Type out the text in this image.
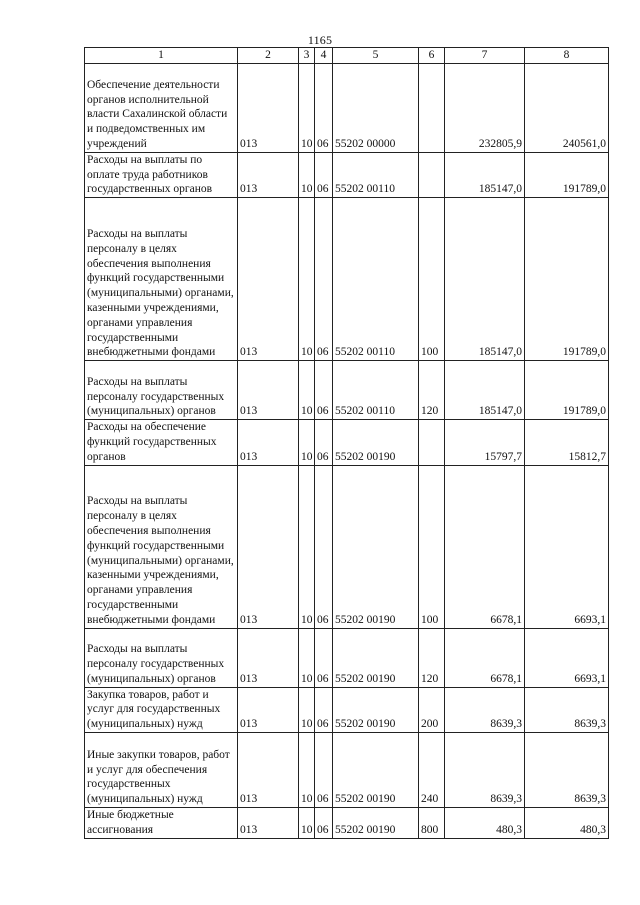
1165
1	2	3	4	5	6	7	8
Обеспечение деятельности органов исполнительной власти Сахалинской области и подведомственных им учреждений	013	10	06	55202 00000		232805,9	240561,0
Расходы на выплаты по оплате труда работников государственных органов	013	10	06	55202 00110		185147,0	191789,0
Расходы на выплаты персоналу в целях обеспечения выполнения функций государственными (муниципальными) органами, казенными учреждениями, органами управления государственными внебюджетными фондами	013	10	06	55202 00110	100	185147,0	191789,0
Расходы на выплаты персоналу государственных (муниципальных) органов	013	10	06	55202 00110	120	185147,0	191789,0
Расходы на обеспечение функций государственных органов	013	10	06	55202 00190		15797,7	15812,7
Расходы на выплаты персоналу в целях обеспечения выполнения функций государственными (муниципальными) органами, казенными учреждениями, органами управления государственными внебюджетными фондами	013	10	06	55202 00190	100	6678,1	6693,1
Расходы на выплаты персоналу государственных (муниципальных) органов	013	10	06	55202 00190	120	6678,1	6693,1
Закупка товаров, работ и услуг для государственных (муниципальных) нужд	013	10	06	55202 00190	200	8639,3	8639,3
Иные закупки товаров, работ и услуг для обеспечения государственных (муниципальных) нужд	013	10	06	55202 00190	240	8639,3	8639,3
Иные бюджетные ассигнования	013	10	06	55202 00190	800	480,3	480,3
